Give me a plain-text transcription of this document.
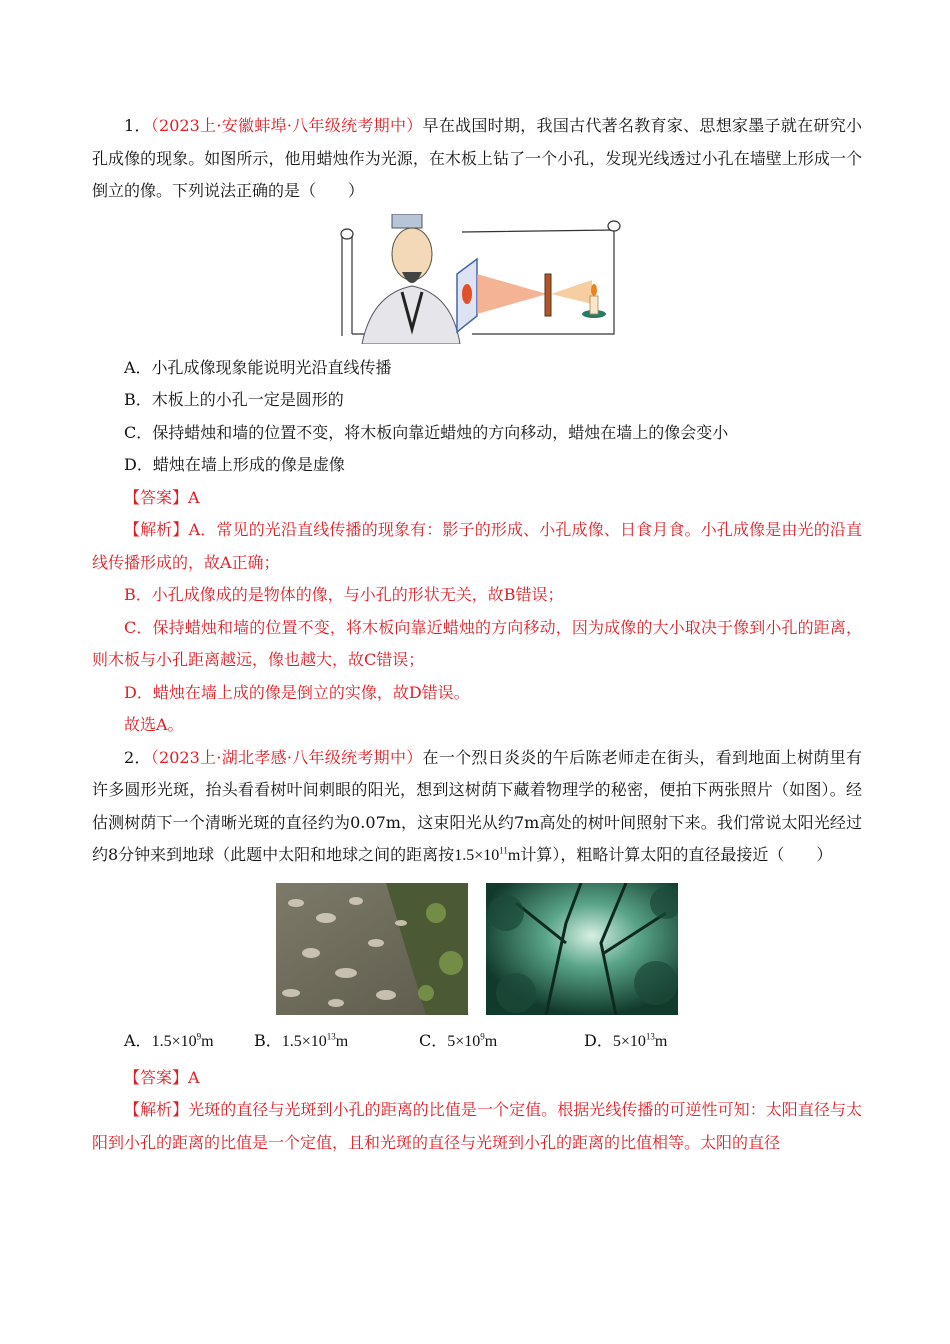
1．（2023上·安徽蚌埠·八年级统考期中）早在战国时期，我国古代著名教育家、思想家墨子就在研究小孔成像的现象。如图所示，他用蜡烛作为光源，在木板上钻了一个小孔，发现光线透过小孔在墙壁上形成一个倒立的像。下列说法正确的是（　　）

A．小孔成像现象能说明光沿直线传播

B．木板上的小孔一定是圆形的

C．保持蜡烛和墙的位置不变，将木板向靠近蜡烛的方向移动，蜡烛在墙上的像会变小

D．蜡烛在墙上形成的像是虚像

【答案】A

【解析】A．常见的光沿直线传播的现象有：影子的形成、小孔成像、日食月食。小孔成像是由光的沿直线传播形成的，故A正确；

B．小孔成像成的是物体的像，与小孔的形状无关，故B错误；

C．保持蜡烛和墙的位置不变，将木板向靠近蜡烛的方向移动，因为成像的大小取决于像到小孔的距离，则木板与小孔距离越远，像也越大，故C错误；

D．蜡烛在墙上成的像是倒立的实像，故D错误。

故选A。

2．（2023上·湖北孝感·八年级统考期中）在一个烈日炎炎的午后陈老师走在街头，看到地面上树荫里有许多圆形光斑，抬头看看树叶间刺眼的阳光，想到这树荫下藏着物理学的秘密，便拍下两张照片（如图）。经估测树荫下一个清晰光斑的直径约为0.07m，这束阳光从约7m高处的树叶间照射下来。我们常说太阳光经过约8分钟来到地球（此题中太阳和地球之间的距离按$1.5\times 10^{11}m$计算），粗略计算太阳的直径最接近（　　）

A．$1.5\times 10^9m$	B．$1.5\times 10^{13}m$	C．$5\times 10^9m$	D．$5\times 10^{13}m$

【答案】A

【解析】光斑的直径与光斑到小孔的距离的比值是一个定值。根据光线传播的可逆性可知：太阳直径与太阳到小孔的距离的比值是一个定值，且和光斑的直径与光斑到小孔的距离的比值相等。太阳的直径
